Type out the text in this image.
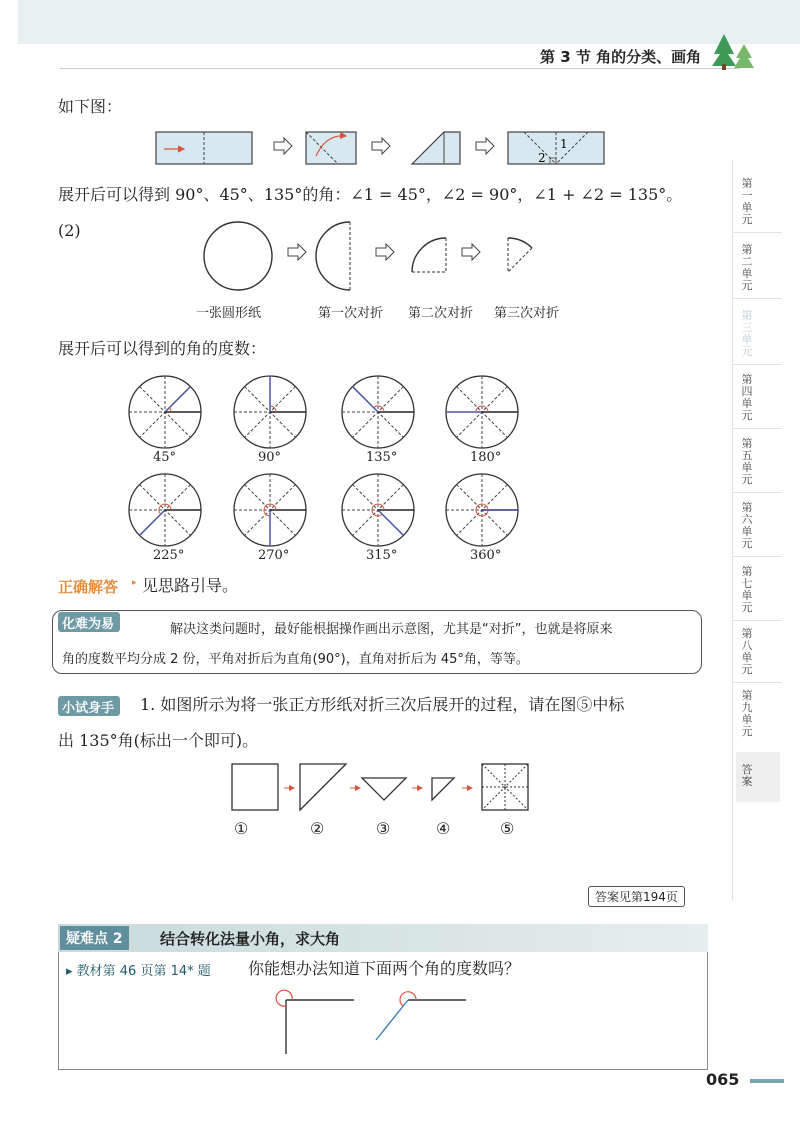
第 3 节 角的分类、画角
第一单元
第二单元
第三单元
第四单元
第五单元
第六单元
第七单元
第八单元
第九单元
答案
如下图：
1
2
展开后可以得到 90°、45°、135°的角：∠1 = 45°，∠2 = 90°，∠1 + ∠2 = 135°。
(2)
一张圆形纸	第一次对折 第二次对折 第三次对折
展开后可以得到的角的度数：
45°	90°	135°	180°
225°	270°	315°	360°
正确解答 ▸ 见思路引导。
化难为易	解决这类问题时，最好能根据操作画出示意图，尤其是“对折”，也就是将原来
角的度数平均分成 2 份，平角对折后为直角(90°)，直角对折后为 45°角，等等。
小试身手	1. 如图所示为将一张正方形纸对折三次后展开的过程，请在图⑤中标
出 135°角(标出一个即可)。
①	②	③	④	⑤
答案见第194页
疑难点 2	结合转化法量小角，求大角
▸ 教材第 46 页第 14* 题 你能想办法知道下面两个角的度数吗？
065
